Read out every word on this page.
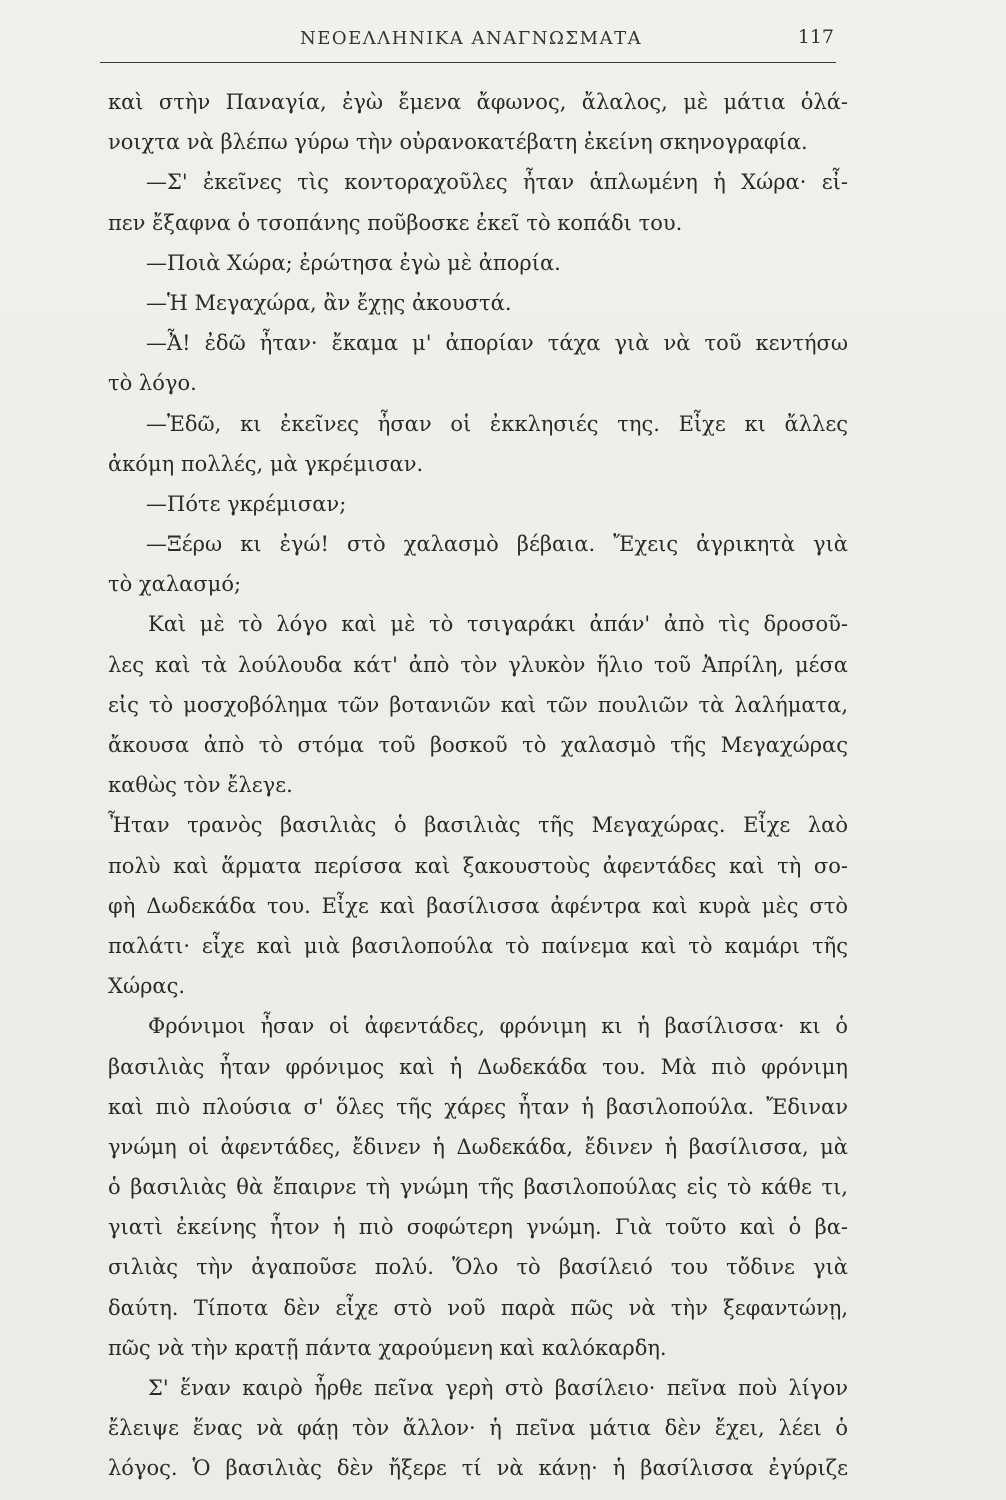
ΝΕΟΕΛΛΗΝΙΚΑ ΑΝΑΓΝΩΣΜΑΤΑ	117
καὶ στὴν Παναγία, ἐγὼ ἔμενα ἄφωνος, ἄλαλος, μὲ μάτια ὁλά-
νοιχτα νὰ βλέπω γύρω τὴν οὐρανοκατέβατη ἐκείνη σκηνογραφία.
—Σ' ἐκεῖνες τὶς κοντοραχοῦλες ἦταν ἁπλωμένη ἡ Χώρα· εἶ-
πεν ἔξαφνα ὁ τσοπάνης ποῦβοσκε ἐκεῖ τὸ κοπάδι του.
—Ποιὰ Χώρα; ἐρώτησα ἐγὼ μὲ ἀπορία.
—Ἡ Μεγαχώρα, ἂν ἔχῃς ἀκουστά.
—Ἆ! ἐδῶ ἦταν· ἔκαμα μ' ἀπορίαν τάχα γιὰ νὰ τοῦ κεντήσω
τὸ λόγο.
—Ἐδῶ, κι ἐκεῖνες ἦσαν οἱ ἐκκλησιές της. Εἶχε κι ἄλλες
ἀκόμη πολλές, μὰ γκρέμισαν.
—Πότε γκρέμισαν;
—Ξέρω κι ἐγώ! στὸ χαλασμὸ βέβαια. Ἔχεις ἀγρικητὰ γιὰ
τὸ χαλασμό;
Καὶ μὲ τὸ λόγο καὶ μὲ τὸ τσιγαράκι ἀπάν' ἀπὸ τὶς δροσοῦ-
λες καὶ τὰ λούλουδα κάτ' ἀπὸ τὸν γλυκὸν ἥλιο τοῦ Ἀπρίλη, μέσα
εἰς τὸ μοσχοβόλημα τῶν βοτανιῶν καὶ τῶν πουλιῶν τὰ λαλήματα,
ἄκουσα ἀπὸ τὸ στόμα τοῦ βοσκοῦ τὸ χαλασμὸ τῆς Μεγαχώρας
καθὼς τὸν ἔλεγε.
Ἦταν τρανὸς βασιλιὰς ὁ βασιλιὰς τῆς Μεγαχώρας. Εἶχε λαὸ
πολὺ καὶ ἅρματα περίσσα καὶ ξακουστοὺς ἀφεντάδες καὶ τὴ σο-
φὴ Δωδεκάδα του. Εἶχε καὶ βασίλισσα ἀφέντρα καὶ κυρὰ μὲς στὸ
παλάτι· εἶχε καὶ μιὰ βασιλοπούλα τὸ παίνεμα καὶ τὸ καμάρι τῆς
Χώρας.
Φρόνιμοι ἦσαν οἱ ἀφεντάδες, φρόνιμη κι ἡ βασίλισσα· κι ὁ
βασιλιὰς ἦταν φρόνιμος καὶ ἡ Δωδεκάδα του. Μὰ πιὸ φρόνιμη
καὶ πιὸ πλούσια σ' ὅλες τῆς χάρες ἦταν ἡ βασιλοπούλα. Ἔδιναν
γνώμη οἱ ἀφεντάδες, ἔδινεν ἡ Δωδεκάδα, ἔδινεν ἡ βασίλισσα, μὰ
ὁ βασιλιὰς θὰ ἔπαιρνε τὴ γνώμη τῆς βασιλοπούλας εἰς τὸ κάθε τι,
γιατὶ ἐκείνης ἦτον ἡ πιὸ σοφώτερη γνώμη. Γιὰ τοῦτο καὶ ὁ βα-
σιλιὰς τὴν ἀγαποῦσε πολύ. Ὅλο τὸ βασίλειό του τὄδινε γιὰ
δαύτη. Τίποτα δὲν εἶχε στὸ νοῦ παρὰ πῶς νὰ τὴν ξεφαντώνῃ,
πῶς νὰ τὴν κρατῇ πάντα χαρούμενη καὶ καλόκαρδη.
Σ' ἕναν καιρὸ ἦρθε πεῖνα γερὴ στὸ βασίλειο· πεῖνα ποὺ λίγον
ἔλειψε ἕνας νὰ φάῃ τὸν ἄλλον· ἡ πεῖνα μάτια δὲν ἔχει, λέει ὁ
λόγος. Ὁ βασιλιὰς δὲν ἤξερε τί νὰ κάνῃ· ἡ βασίλισσα ἐγύριζε
